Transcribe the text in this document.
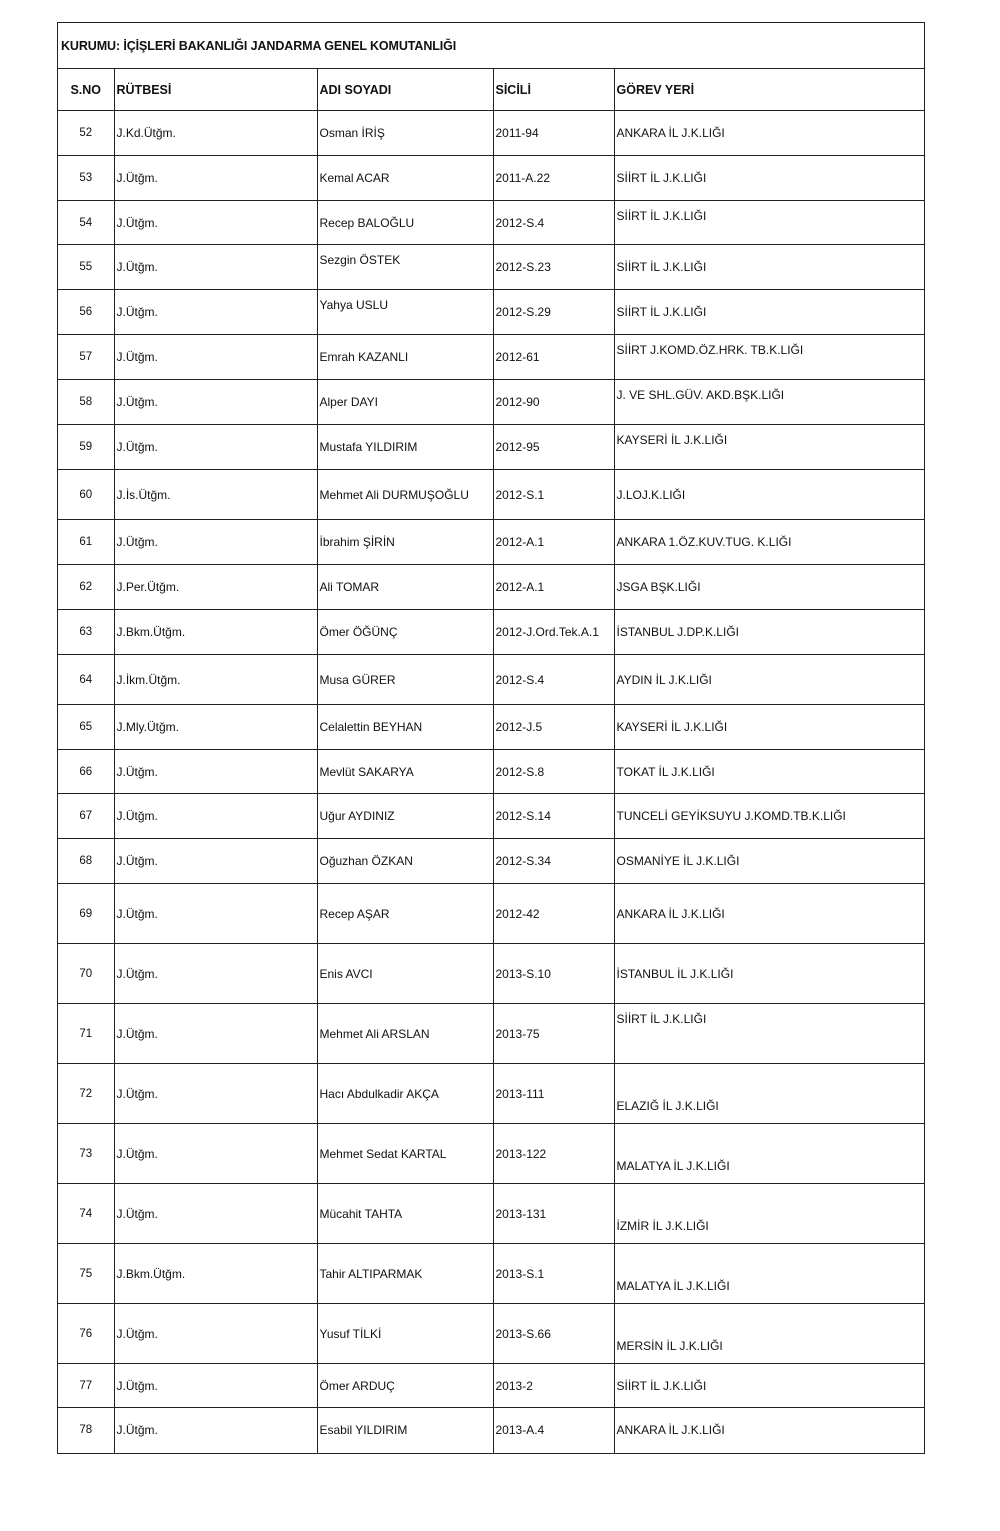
KURUMU: İÇİŞLERİ BAKANLIĞI JANDARMA GENEL KOMUTANLIĞI
S.NO	RÜTBESİ	ADI SOYADI	SİCİLİ	GÖREV YERİ
52	J.Kd.Ütğm.	Osman İRİŞ	2011-94	ANKARA İL J.K.LIĞI
53	J.Ütğm.	Kemal ACAR	2011-A.22	SİİRT İL J.K.LIĞI
54	J.Ütğm.	Recep BALOĞLU	2012-S.4	SİİRT İL J.K.LIĞI
55	J.Ütğm.	Sezgin ÖSTEK	2012-S.23	SİİRT İL J.K.LIĞI
56	J.Ütğm.	Yahya USLU	2012-S.29	SİİRT İL J.K.LIĞI
57	J.Ütğm.	Emrah KAZANLI	2012-61	SİİRT J.KOMD.ÖZ.HRK. TB.K.LIĞI
58	J.Ütğm.	Alper DAYI	2012-90	J. VE SHL.GÜV. AKD.BŞK.LIĞI
59	J.Ütğm.	Mustafa YILDIRIM	2012-95	KAYSERİ İL J.K.LIĞI
60	J.İs.Ütğm.	Mehmet Ali DURMUŞOĞLU	2012-S.1	J.LOJ.K.LIĞI
61	J.Ütğm.	İbrahim ŞİRİN	2012-A.1	ANKARA 1.ÖZ.KUV.TUG. K.LIĞI
62	J.Per.Ütğm.	Ali TOMAR	2012-A.1	JSGA BŞK.LIĞI
63	J.Bkm.Ütğm.	Ömer ÖĞÜNÇ	2012-J.Ord.Tek.A.1	İSTANBUL J.DP.K.LIĞI
64	J.İkm.Ütğm.	Musa GÜRER	2012-S.4	AYDIN İL J.K.LIĞI
65	J.Mly.Ütğm.	Celalettin BEYHAN	2012-J.5	KAYSERİ İL J.K.LIĞI
66	J.Ütğm.	Mevlüt SAKARYA	2012-S.8	TOKAT İL J.K.LIĞI
67	J.Ütğm.	Uğur AYDINIZ	2012-S.14	TUNCELİ GEYİKSUYU J.KOMD.TB.K.LIĞI
68	J.Ütğm.	Oğuzhan ÖZKAN	2012-S.34	OSMANİYE İL J.K.LIĞI
69	J.Ütğm.	Recep AŞAR	2012-42	ANKARA İL J.K.LIĞI
70	J.Ütğm.	Enis AVCI	2013-S.10	İSTANBUL İL J.K.LIĞI
71	J.Ütğm.	Mehmet Ali ARSLAN	2013-75	SİİRT İL J.K.LIĞI
72	J.Ütğm.	Hacı Abdulkadir AKÇA	2013-111	ELAZIĞ İL J.K.LIĞI
73	J.Ütğm.	Mehmet Sedat KARTAL	2013-122	MALATYA İL J.K.LIĞI
74	J.Ütğm.	Mücahit TAHTA	2013-131	İZMİR İL J.K.LIĞI
75	J.Bkm.Ütğm.	Tahir ALTIPARMAK	2013-S.1	MALATYA İL J.K.LIĞI
76	J.Ütğm.	Yusuf TİLKİ	2013-S.66	MERSİN İL J.K.LIĞI
77	J.Ütğm.	Ömer ARDUÇ	2013-2	SİİRT İL J.K.LIĞI
78	J.Ütğm.	Esabil YILDIRIM	2013-A.4	ANKARA İL J.K.LIĞI
